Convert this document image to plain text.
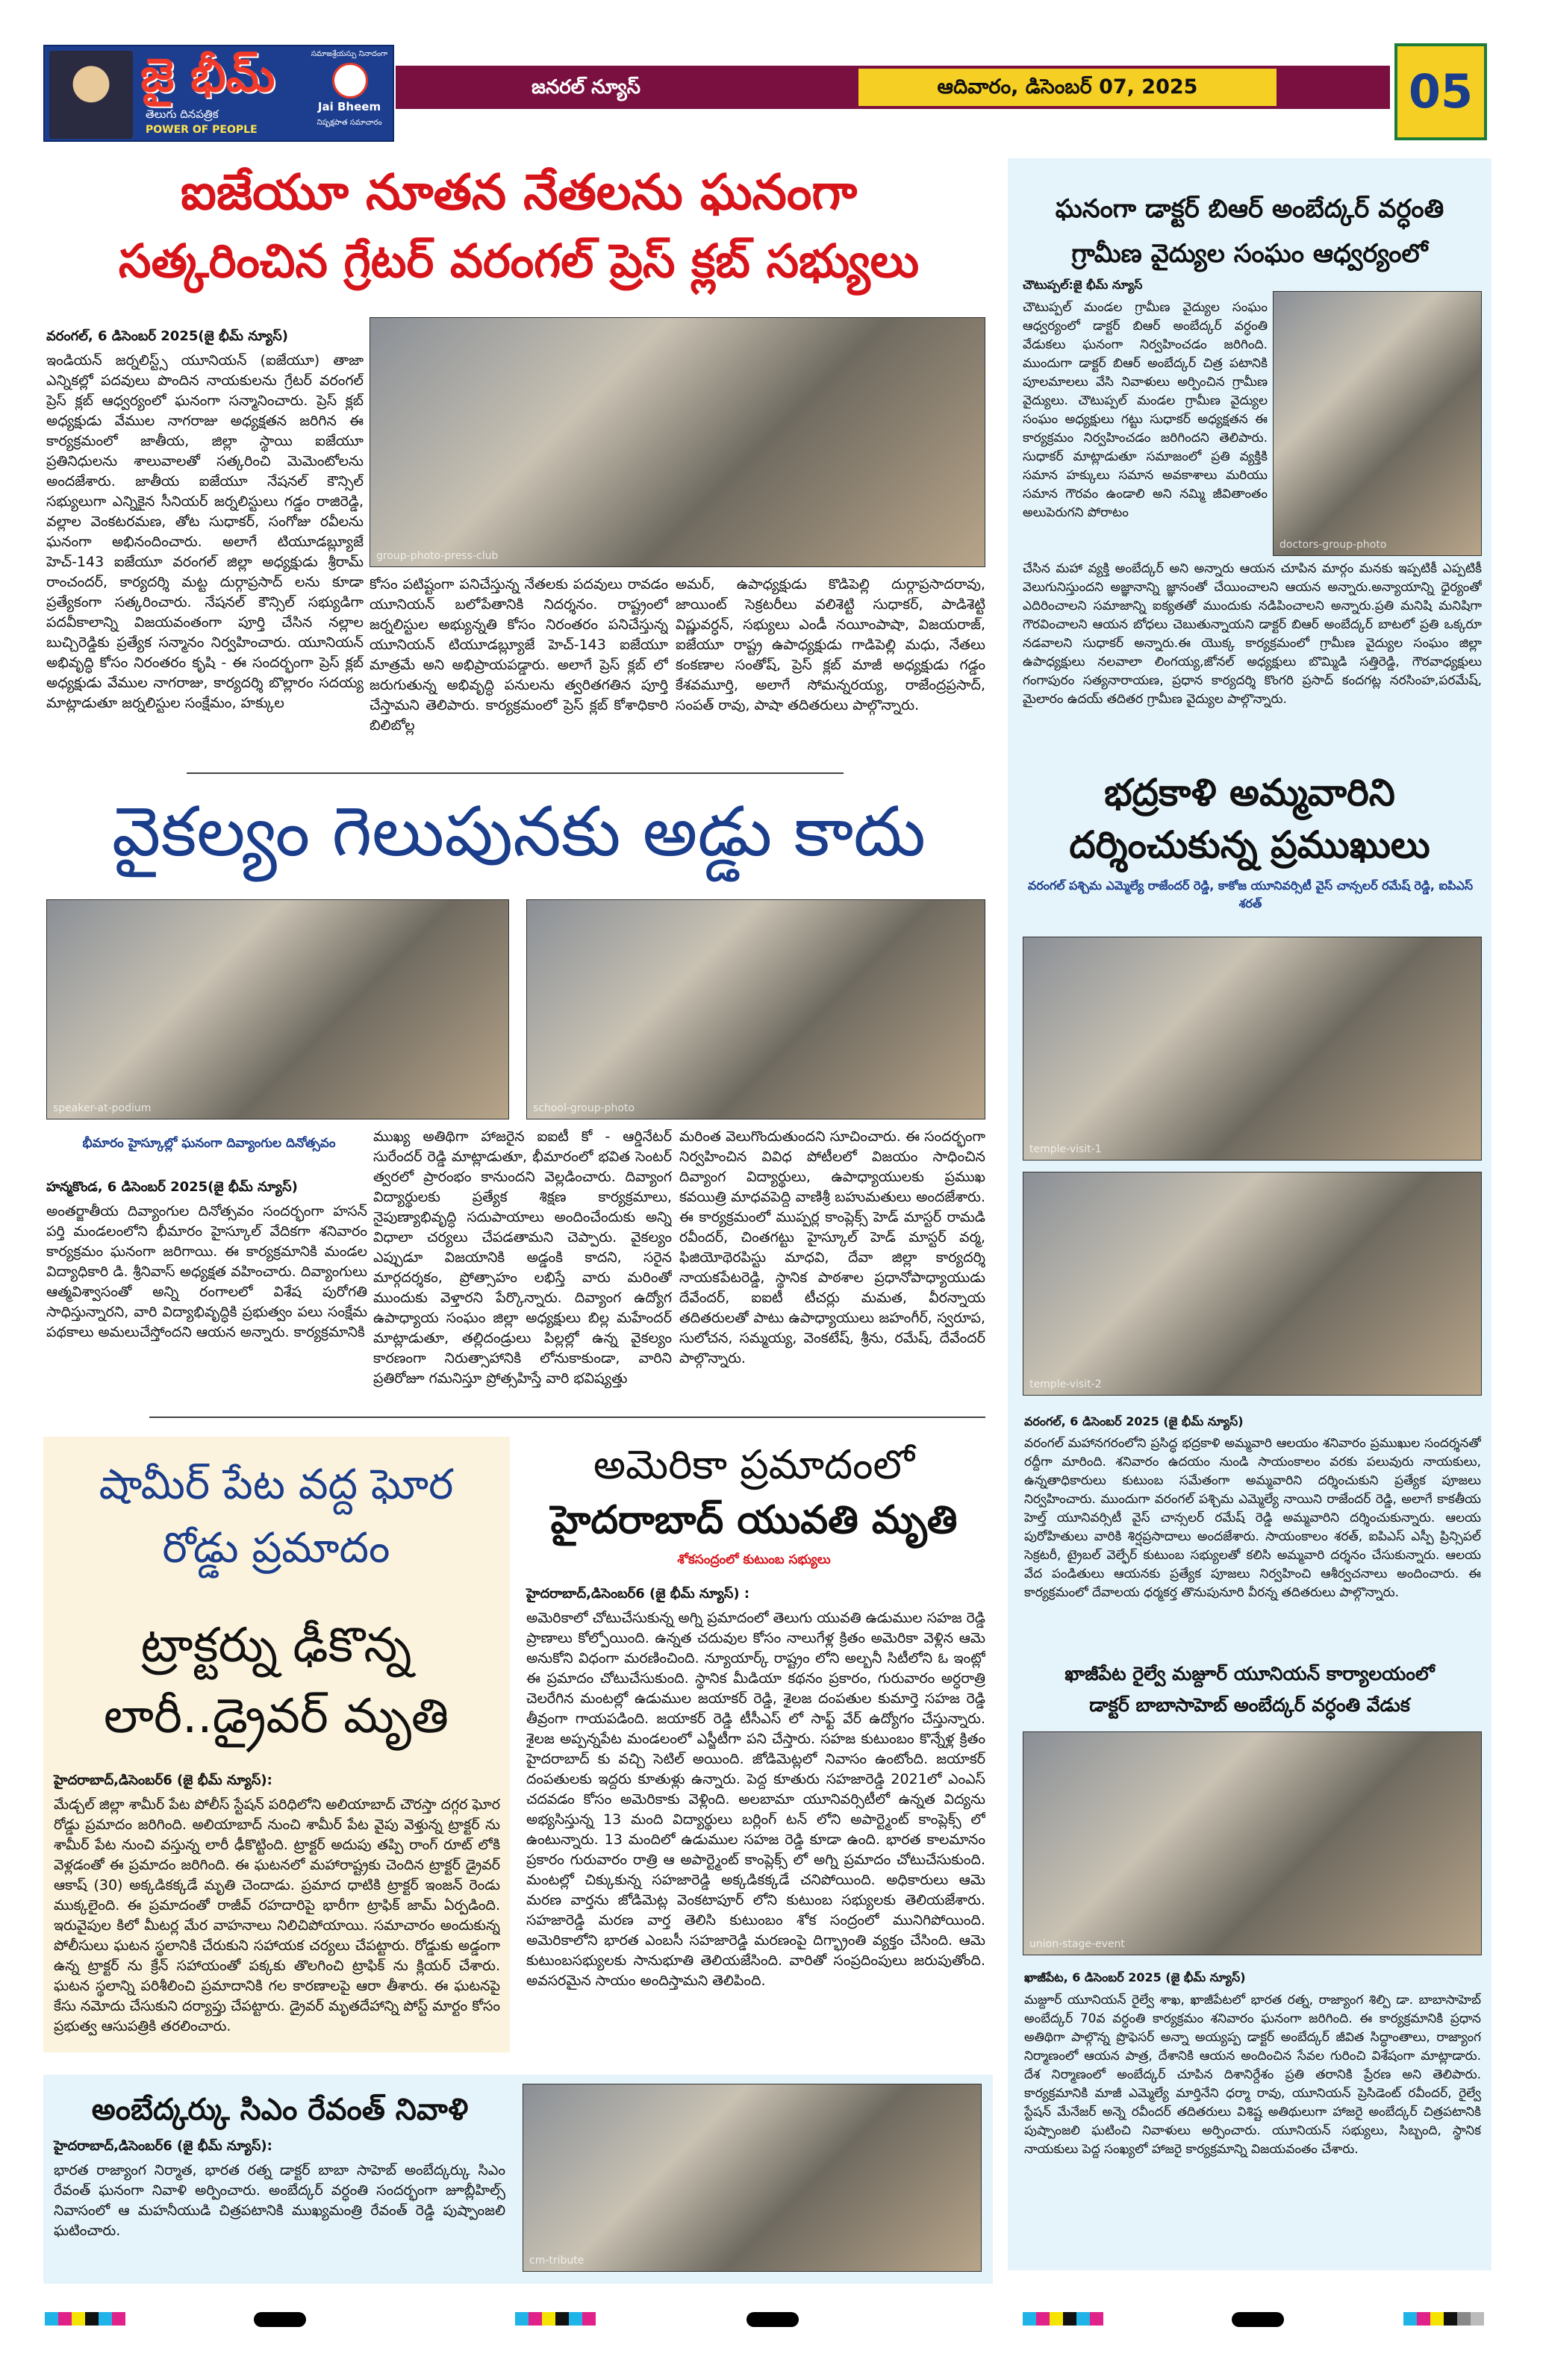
జై భీమ్
తెలుగు దినపత్రిక
POWER OF PEOPLE
సమాజశ్రేయస్సు నినాదంగా
Jai Bheem
నిష్పక్షపాత సమాచారం
జనరల్ న్యూస్	ఆదివారం, డిసెంబర్ 07, 2025	05
ఐజేయూ నూతన నేతలను ఘనంగా
సత్కరించిన గ్రేటర్ వరంగల్ ప్రెస్ క్లబ్ సభ్యులు
వరంగల్, 6 డిసెంబర్ 2025(జై భీమ్ న్యూస్)
ఇండియన్ జర్నలిస్ట్స్ యూనియన్ (ఐజేయూ) తాజా ఎన్నికల్లో పదవులు పొందిన నాయకులను గ్రేటర్ వరంగల్ ప్రెస్ క్లబ్ ఆధ్వర్యంలో ఘనంగా సన్మానించారు. ప్రెస్ క్లబ్ అధ్యక్షుడు వేముల నాగరాజు అధ్యక్షతన జరిగిన ఈ కార్యక్రమంలో జాతీయ, జిల్లా స్థాయి ఐజేయూ ప్రతినిధులను శాలువాలతో సత్కరించి మెమెంటోలను అందజేశారు. జాతీయ ఐజేయూ నేషనల్ కౌన్సిల్ సభ్యులుగా ఎన్నికైన సీనియర్ జర్నలిస్టులు గడ్డం రాజిరెడ్డి, వల్లాల వెంకటరమణ, తోట సుధాకర్, సంగోజు రవీలను ఘనంగా అభినందించారు. అలాగే టియూడబ్ల్యూజే హెచ్-143 ఐజేయూ వరంగల్ జిల్లా అధ్యక్షుడు శ్రీరామ్ రాంచందర్, కార్యదర్శి మట్ట దుర్గాప్రసాద్ లను కూడా ప్రత్యేకంగా సత్కరించారు. నేషనల్ కౌన్సిల్ సభ్యుడిగా పదవీకాలాన్ని విజయవంతంగా పూర్తి చేసిన నల్లాల బుచ్చిరెడ్డికు ప్రత్యేక సన్మానం నిర్వహించారు. యూనియన్ అభివృద్ధి కోసం నిరంతరం కృషి - ఈ సందర్భంగా ప్రెస్ క్లబ్ అధ్యక్షుడు వేముల నాగరాజు, కార్యదర్శి బొల్లారం సదయ్య మాట్లాడుతూ జర్నలిస్టుల సంక్షేమం, హక్కుల
group-photo-press-club
కోసం పటిష్టంగా పనిచేస్తున్న నేతలకు పదవులు రావడం యూనియన్ బలోపేతానికి నిదర్శనం. రాష్ట్రంలో జర్నలిస్టుల అభ్యున్నతి కోసం నిరంతరం పనిచేస్తున్న యూనియన్ టియూడబ్ల్యూజే హెచ్-143 ఐజేయూ మాత్రమే అని అభిప్రాయపడ్డారు. అలాగే ప్రెస్ క్లబ్ లో జరుగుతున్న అభివృద్ధి పనులను త్వరితగతిన పూర్తి చేస్తామని తెలిపారు. కార్యక్రమంలో ప్రెస్ క్లబ్ కోశాధికారి బిలిబోల్ల
అమర్, ఉపాధ్యక్షుడు కొడిపెల్లి దుర్గాప్రసాదరావు, జాయింట్ సెక్రటరీలు వలిశెట్టి సుధాకర్, పాడిశెట్టి విష్ణువర్ధన్, సభ్యులు ఎండీ నయీంపాషా, విజయరాజ్, ఐజేయూ రాష్ట్ర ఉపాధ్యక్షుడు గాడిపెల్లి మధు, నేతలు కంకణాల సంతోష్, ప్రెస్ క్లబ్ మాజీ అధ్యక్షుడు గడ్డం కేశవమూర్తి, అలాగే సోమన్నరయ్య, రాజేంద్రప్రసాద్, సంపత్ రావు, పాషా తదితరులు పాల్గొన్నారు.
వైకల్యం గెలుపునకు అడ్డు కాదు
speaker-at-podium	school-group-photo
భీమారం హైస్కూల్లో ఘనంగా దివ్యాంగుల దినోత్సవం
హన్మకొండ, 6 డిసెంబర్ 2025(జై భీమ్ న్యూస్)
అంతర్జాతీయ దివ్యాంగుల దినోత్సవం సందర్భంగా హసన్ పర్తి మండలంలోని భీమారం హైస్కూల్ వేదికగా శనివారం కార్యక్రమం ఘనంగా జరిగాయి. ఈ కార్యక్రమానికి మండల విద్యాధికారి డి. శ్రీనివాస్ అధ్యక్షత వహించారు. దివ్యాంగులు ఆత్మవిశ్వాసంతో అన్ని రంగాలలో విశేష పురోగతి సాధిస్తున్నారని, వారి విద్యాభివృద్ధికి ప్రభుత్వం పలు సంక్షేమ పథకాలు అమలుచేస్తోందని ఆయన అన్నారు. కార్యక్రమానికి
ముఖ్య అతిథిగా హాజరైన ఐఐటీ కో - ఆర్డినేటర్ సురేందర్ రెడ్డి మాట్లాడుతూ, భీమారంలో భవిత సెంటర్ త్వరలో ప్రారంభం కానుందని వెల్లడించారు. దివ్యాంగ విద్యార్థులకు ప్రత్యేక శిక్షణ కార్యక్రమాలు, నైపుణ్యాభివృద్ధి సదుపాయాలు అందించేందుకు అన్ని విధాలా చర్యలు చేపడతామని చెప్పారు. వైకల్యం ఎప్పుడూ విజయానికి అడ్డంకి కాదని, సరైన మార్గదర్శకం, ప్రోత్సాహం లభిస్తే వారు మరింతో ముందుకు వెళ్తారని పేర్కొన్నారు. దివ్యాంగ ఉద్యోగ ఉపాధ్యాయ సంఘం జిల్లా అధ్యక్షులు బిల్ల మహేందర్ మాట్లాడుతూ, తల్లిదండ్రులు పిల్లల్లో ఉన్న వైకల్యం కారణంగా నిరుత్సాహానికి లోనుకాకుండా, వారిని ప్రతిరోజూ గమనిస్తూ ప్రోత్సహిస్తే వారి భవిష్యత్తు
మరింత వెలుగొందుతుందని సూచించారు. ఈ సందర్భంగా నిర్వహించిన వివిధ పోటీలలో విజయం సాధించిన దివ్యాంగ విద్యార్థులు, ఉపాధ్యాయులకు ప్రముఖ కవయిత్రి మాధవపెద్ది వాణిశ్రీ బహుమతులు అందజేశారు. ఈ కార్యక్రమంలో ముప్పర్ల కాంప్లెక్స్ హెడ్ మాస్టర్ రామడి రవీందర్, చింతగట్టు హైస్కూల్ హెడ్ మాస్టర్ వర్మ, ఫిజియోథెరపిస్టు మాధవి, దేవా జిల్లా కార్యదర్శి నాయకపేటరెడ్డి, స్థానిక పాఠశాల ప్రధానోపాధ్యాయుడు దేవేందర్, ఐఐటీ టీచర్లు మమత, వీరన్నాయ తదితరులతో పాటు ఉపాధ్యాయులు జహంగీర్, స్వరూప, సులోచన, సమ్మయ్య, వెంకటేష్, శ్రీను, రమేష్, దేవేందర్ పాల్గొన్నారు.
షామీర్ పేట వద్ద ఘోర
రోడ్డు ప్రమాదం
ట్రాక్టర్ను ఢీకొన్న
లారీ..డ్రైవర్ మృతి
హైదరాబాద్,డిసెంబర్6 (జై భీమ్ న్యూస్):
మేడ్చల్ జిల్లా శామీర్ పేట పోలీస్ స్టేషన్ పరిధిలోని అలియాబాద్ చౌరస్తా దగ్గర ఘోర రోడ్డు ప్రమాదం జరిగింది. అలియాబాద్ నుంచి శామీర్ పేట వైపు వెళ్తున్న ట్రాక్టర్ ను శామీర్ పేట నుంచి వస్తున్న లారీ ఢీకొట్టింది. ట్రాక్టర్ అదుపు తప్పి రాంగ్ రూట్ లోకి వెళ్లడంతో ఈ ప్రమాదం జరిగింది. ఈ ఘటనలో మహారాష్ట్రకు చెందిన ట్రాక్టర్ డ్రైవర్ ఆకాష్ (30) అక్కడికక్కడే మృతి చెందాడు. ప్రమాద ధాటికి ట్రాక్టర్ ఇంజన్ రెండు ముక్కలైంది. ఈ ప్రమాదంతో రాజీవ్ రహదారిపై భారీగా ట్రాఫిక్ జామ్ ఏర్పడింది. ఇరువైపుల కిలో మీటర్ల మేర వాహనాలు నిలిచిపోయాయి. సమాచారం అందుకున్న పోలీసులు ఘటన స్థలానికి చేరుకుని సహాయక చర్యలు చేపట్టారు. రోడ్డుకు అడ్డంగా ఉన్న ట్రాక్టర్ ను క్రేన్ సహాయంతో పక్కకు తొలగించి ట్రాఫిక్ ను క్లియర్ చేశారు. ఘటన స్థలాన్ని పరిశీలించి ప్రమాదానికి గల కారణాలపై ఆరా తీశారు. ఈ ఘటనపై కేసు నమోదు చేసుకుని దర్యాప్తు చేపట్టారు. డ్రైవర్ మృతదేహాన్ని పోస్ట్ మార్టం కోసం ప్రభుత్వ ఆసుపత్రికి తరలించారు.
అమెరికా ప్రమాదంలో
హైదరాబాద్ యువతి మృతి
శోకసంద్రంలో కుటుంబ సభ్యులు
హైదరాబాద్,డిసెంబర్6 (జై భీమ్ న్యూస్) :
అమెరికాలో చోటుచేసుకున్న అగ్ని ప్రమాదంలో తెలుగు యువతి ఉడుముల సహజ రెడ్డి ప్రాణాలు కోల్పోయింది. ఉన్నత చదువుల కోసం నాలుగేళ్ల క్రితం అమెరికా వెళ్లిన ఆమె అనుకోని విధంగా మరణించింది. న్యూయార్క్ రాష్ట్రం లోని అల్బనీ సిటీలోని ఓ ఇంట్లో ఈ ప్రమాదం చోటుచేసుకుంది. స్థానిక మీడియా కథనం ప్రకారం, గురువారం అర్ధరాత్రి చెలరేగిన మంటల్లో ఉడుముల జయాకర్ రెడ్డి, శైలజ దంపతుల కుమార్తె సహజ రెడ్డి తీవ్రంగా గాయపడింది. జయాకర్ రెడ్డి టీసీఎస్ లో సాఫ్ట్ వేర్ ఉద్యోగం చేస్తున్నారు. శైలజ అప్పన్నపేట మండలంలో ఎస్జీటీగా పని చేస్తారు. సహజ కుటుంబం కొన్నేళ్ల క్రితం హైదరాబాద్ కు వచ్చి సెటిల్ అయింది. జోడిమెట్లలో నివాసం ఉంటోంది. జయాకర్ దంపతులకు ఇద్దరు కూతుళ్లు ఉన్నారు. పెద్ద కూతురు సహజారెడ్డి 2021లో ఎంఎస్ చదవడం కోసం అమెరికాకు వెళ్లింది. అలబామా యూనివర్సిటీలో ఉన్నత విద్యను అభ్యసిస్తున్న 13 మంది విద్యార్థులు బర్లింగ్ టన్ లోని అపార్ట్మెంట్ కాంప్లెక్స్ లో ఉంటున్నారు. 13 మందిలో ఉడుముల సహజ రెడ్డి కూడా ఉంది. భారత కాలమానం ప్రకారం గురువారం రాత్రి ఆ అపార్ట్మెంట్ కాంప్లెక్స్ లో అగ్ని ప్రమాదం చోటుచేసుకుంది. మంటల్లో చిక్కుకున్న సహజారెడ్డి అక్కడికక్కడే చనిపోయింది. అధికారులు ఆమె మరణ వార్తను జోడిమెట్ల వెంకటాపూర్ లోని కుటుంబ సభ్యులకు తెలియజేశారు. సహజారెడ్డి మరణ వార్త తెలిసి కుటుంబం శోక సంద్రంలో మునిగిపోయింది. అమెరికాలోని భారత ఎంబసీ సహజారెడ్డి మరణంపై దిగ్భ్రాంతి వ్యక్తం చేసింది. ఆమె కుటుంబసభ్యులకు సానుభూతి తెలియజేసింది. వారితో సంప్రదింపులు జరుపుతోంది. అవసరమైన సాయం అందిస్తామని తెలిపింది.
అంబేద్కర్కు సిఎం రేవంత్ నివాళి
హైదరాబాద్,డిసెంబర్6 (జై భీమ్ న్యూస్):
భారత రాజ్యాంగ నిర్మాత, భారత రత్న డాక్టర్ బాబా సాహెబ్ అంబేద్కర్కు సిఎం రేవంత్ ఘనంగా నివాళి అర్పించారు. అంబేద్కర్ వర్ధంతి సందర్భంగా జూబ్లీహిల్స్ నివాసంలో ఆ మహనీయుడి చిత్రపటానికి ముఖ్యమంత్రి రేవంత్ రెడ్డి పుష్పాంజలి ఘటించారు.
cm-tribute
ఘనంగా డాక్టర్ బిఆర్ అంబేద్కర్ వర్ధంతి
గ్రామీణ వైద్యుల సంఘం ఆధ్వర్యంలో
చౌటుప్పల్:జై భీమ్ న్యూస్
చౌటుప్పల్ మండల గ్రామీణ వైద్యుల సంఘం ఆధ్వర్యంలో డాక్టర్ బిఆర్ అంబేద్కర్ వర్ధంతి వేడుకలు ఘనంగా నిర్వహించడం జరిగింది. ముందుగా డాక్టర్ బిఆర్ అంబేద్కర్ చిత్ర పటానికి పూలమాలలు వేసి నివాళులు అర్పించిన గ్రామీణ వైద్యులు. చౌటుప్పల్ మండల గ్రామీణ వైద్యుల సంఘం అధ్యక్షులు గట్టు సుధాకర్ అధ్యక్షతన ఈ కార్యక్రమం నిర్వహించడం జరిగిందని తెలిపారు. సుధాకర్ మాట్లాడుతూ సమాజంలో ప్రతి వ్యక్తికి సమాన హక్కులు సమాన అవకాశాలు మరియు సమాన గౌరవం ఉండాలి అని నమ్మి జీవితాంతం అలుపెరుగని పోరాటం
doctors-group-photo
చేసిన మహా వ్యక్తి అంబేద్కర్ అని అన్నారు ఆయన చూపిన మార్గం మనకు ఇప్పటికీ ఎప్పటికీ వెలుగునిస్తుందని అజ్ఞానాన్ని జ్ఞానంతో చేయించాలని ఆయన అన్నారు.అన్యాయాన్ని ధైర్యంతో ఎదిరించాలని సమాజాన్ని ఐక్యతతో ముందుకు నడిపించాలని అన్నారు.ప్రతి మనిషి మనిషిగా గౌరవించాలని ఆయన బోధలు చెబుతున్నాయని డాక్టర్ బిఆర్ అంబేద్కర్ బాటలో ప్రతి ఒక్కరూ నడవాలని సుధాకర్ అన్నారు.ఈ యొక్క కార్యక్రమంలో గ్రామీణ వైద్యుల సంఘం జిల్లా ఉపాధ్యక్షులు నలవాలా లింగయ్య,జోనల్ అధ్యక్షులు బొమ్మిడి సత్తిరెడ్డి, గౌరవాధ్యక్షులు గంగాపురం సత్యనారాయణ, ప్రధాన కార్యదర్శి కొంగరి ప్రసాద్ కందగట్ల నరసింహ,పరమేష్, మైలారం ఉదయ్ తదితర గ్రామీణ వైద్యుల పాల్గొన్నారు.
భద్రకాళి అమ్మవారిని
దర్శించుకున్న ప్రముఖులు
వరంగల్ పశ్చిమ ఎమ్మెల్యే రాజేందర్ రెడ్డి, కాకోజ యూనివర్సిటీ వైస్ చాన్సలర్ రమేష్ రెడ్డి, ఐపిఎస్ శరత్
temple-visit-1
temple-visit-2
వరంగల్, 6 డిసెంబర్ 2025 (జై భీమ్ న్యూస్)
వరంగల్ మహానగరంలోని ప్రసిద్ధ భద్రకాళి అమ్మవారి ఆలయం శనివారం ప్రముఖుల సందర్శనతో రద్దీగా మారింది. శనివారం ఉదయం నుండి సాయంకాలం వరకు పలువురు నాయకులు, ఉన్నతాధికారులు కుటుంబ సమేతంగా అమ్మవారిని దర్శించుకుని ప్రత్యేక పూజలు నిర్వహించారు. ముందుగా వరంగల్ పశ్చిమ ఎమ్మెల్యే నాయిని రాజేందర్ రెడ్డి, అలాగే కాకతీయ హెల్త్ యూనివర్సిటీ వైస్ చాన్సలర్ రమేష్ రెడ్డి అమ్మవారిని దర్శించుకున్నారు. ఆలయ పురోహితులు వారికి శిర్షప్రసాదాలు అందజేశారు. సాయంకాలం శరత్, ఐపిఎస్ ఎస్పీ ప్రిన్సిపల్ సెక్రటరీ, ట్రైబల్ వెల్ఫేర్ కుటుంబ సభ్యులతో కలిసి అమ్మవారి దర్శనం చేసుకున్నారు. ఆలయ వేద పండితులు ఆయనకు ప్రత్యేక పూజలు నిర్వహించి ఆశీర్వచనాలు అందించారు. ఈ కార్యక్రమంలో దేవాలయ ధర్మకర్త తొనుపునూరి వీరన్న తదితరులు పాల్గొన్నారు.
ఖాజీపేట రైల్వే మజ్దూర్ యూనియన్ కార్యాలయంలో
డాక్టర్ బాబాసాహెబ్ అంబేద్కర్ వర్ధంతి వేడుక
union-stage-event
ఖాజీపేట, 6 డిసెంబర్ 2025 (జై భీమ్ న్యూస్)
మజ్దూర్ యూనియన్ రైల్వే శాఖ, ఖాజీపేటలో భారత రత్న, రాజ్యాంగ శిల్పి డా. బాబాసాహెబ్ అంబేద్కర్ 70వ వర్ధంతి కార్యక్రమం శనివారం ఘనంగా జరిగింది. ఈ కార్యక్రమానికి ప్రధాన అతిథిగా పాల్గొన్న ప్రొఫెసర్ అన్నా అయ్యప్ప డాక్టర్ అంబేద్కర్ జీవిత సిద్ధాంతాలు, రాజ్యాంగ నిర్మాణంలో ఆయన పాత్ర, దేశానికి ఆయన అందించిన సేవల గురించి విశేషంగా మాట్లాడారు. దేశ నిర్మాణంలో అంబేద్కర్ చూపిన దిశానిర్దేశం ప్రతి తరానికి ప్రేరణ అని తెలిపారు. కార్యక్రమానికి మాజీ ఎమ్మెల్యే మార్తినేని ధర్మా రావు, యూనియన్ ప్రెసిడెంట్ రవీందర్, రైల్వే స్టేషన్ మేనేజర్ అన్నె రవీందర్ తదితరులు విశిష్ట అతిథులుగా హాజరై అంబేద్కర్ చిత్రపటానికి పుష్పాంజలి ఘటించి నివాళులు అర్పించారు. యూనియన్ సభ్యులు, సిబ్బంది, స్థానిక నాయకులు పెద్ద సంఖ్యలో హాజరై కార్యక్రమాన్ని విజయవంతం చేశారు.
